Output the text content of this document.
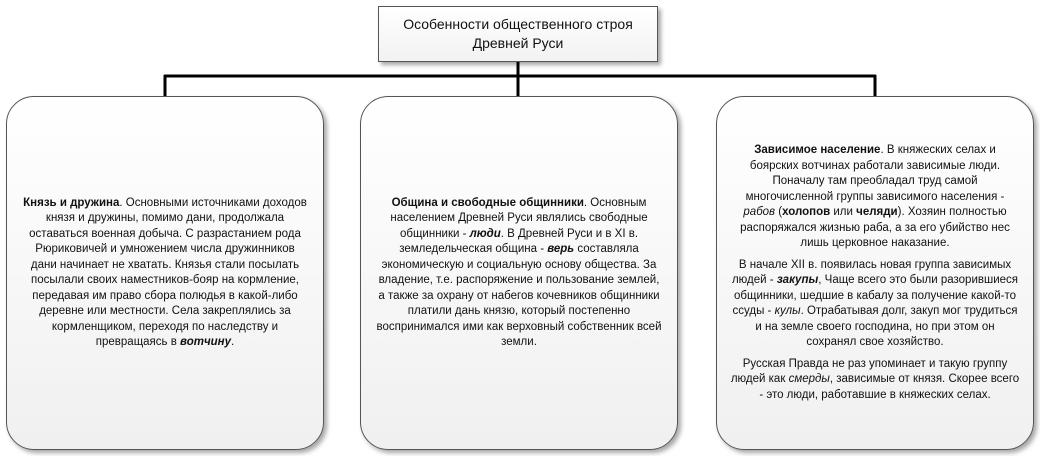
Особенности общественного строя
Древней Руси

Князь и дружина. Основными источниками доходов князя и дружины, помимо дани, продолжала оставаться военная добыча. С разрастанием рода Рюриковичей и умножением числа дружинников дани начинает не хватать. Князья стали посылать посылали своих наместников-бояр на кормление, передавая им право сбора полюдья в какой-либо деревне или местности. Села закреплялись за кормленщиком, переходя по наследству и превращаясь в вотчину.

Община и свободные общинники. Основным населением Древней Руси являлись свободные общинники - люди. В Древней Руси и в XI в. земледельческая община - верь составляла экономическую и социальную основу общества. За владение, т.е. распоряжение и пользование землей, а также за охрану от набегов кочевников общинники платили дань князю, который постепенно воспринимался ими как верховный собственник всей земли.

Зависимое население. В княжеских селах и боярских вотчинах работали зависимые люди. Поначалу там преобладал труд самой многочисленной группы зависимого населения - рабов (холопов или челяди). Хозяин полностью распоряжался жизнью раба, а за его убийство нес лишь церковное наказание.

В начале XII в. появилась новая группа зависимых людей - закупы, Чаще всего это были разорившиеся общинники, шедшие в кабалу за получение какой-то ссуды - кулы. Отрабатывая долг, закуп мог трудиться и на земле своего господина, но при этом он сохранял свое хозяйство.

Русская Правда не раз упоминает и такую группу людей как смерды, зависимые от князя. Скорее всего - это люди, работавшие в княжеских селах.
